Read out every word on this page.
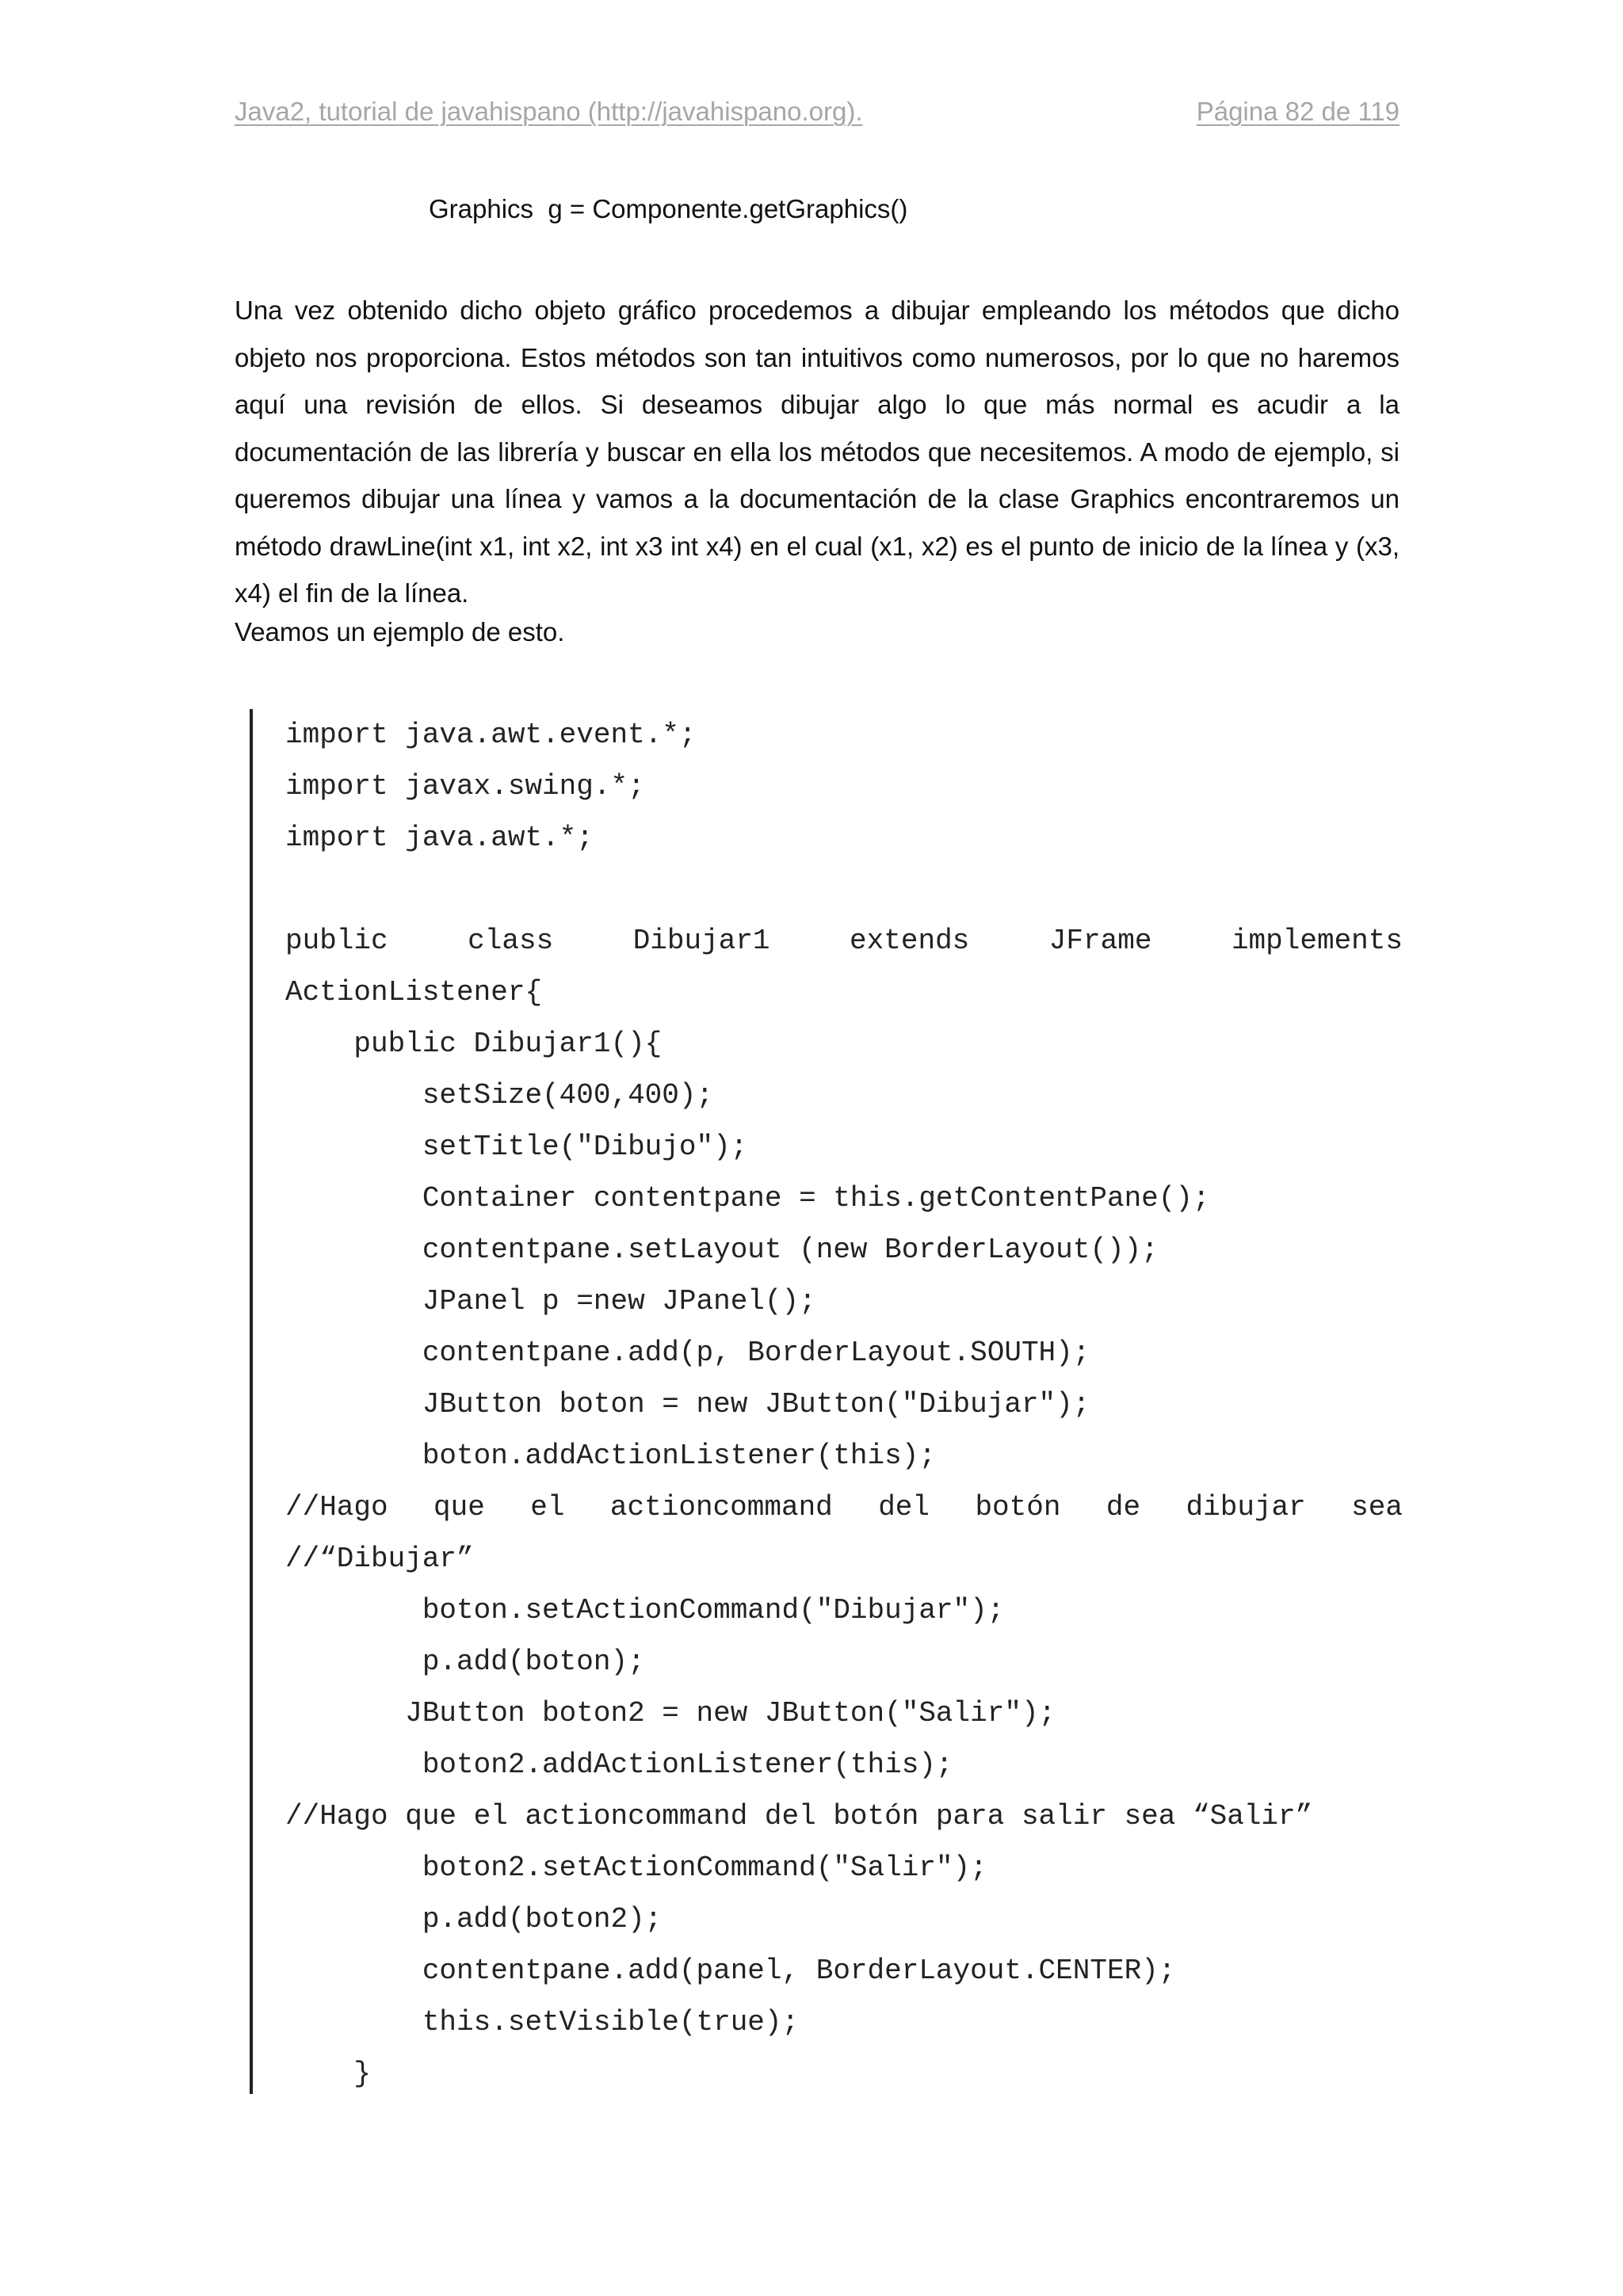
Java2, tutorial de javahispano (http://javahispano.org).	Página 82 de 119
Graphics  g = Componente.getGraphics()
Una vez obtenido dicho objeto gráfico procedemos a dibujar empleando los métodos que dicho objeto nos proporciona. Estos métodos son tan intuitivos como numerosos, por lo que no haremos aquí una revisión de ellos. Si deseamos dibujar algo lo que más normal es acudir a la documentación de las librería y buscar en ella los métodos que necesitemos. A modo de ejemplo, si queremos dibujar una línea y vamos a la documentación de la clase Graphics encontraremos un método drawLine(int x1, int x2, int x3 int x4) en el cual (x1, x2) es el punto de inicio de la línea y (x3, x4) el fin de la línea.
Veamos un ejemplo de esto.
import java.awt.event.*;
import javax.swing.*;
import java.awt.*;
public class Dibujar1 extends JFrame implements
ActionListener{
public Dibujar1(){
setSize(400,400);
setTitle("Dibujo");
Container contentpane = this.getContentPane();
contentpane.setLayout (new BorderLayout());
JPanel p =new JPanel();
contentpane.add(p, BorderLayout.SOUTH);
JButton boton = new JButton("Dibujar");
boton.addActionListener(this);
//Hago que el actioncommand del botón de dibujar sea
//“Dibujar”
boton.setActionCommand("Dibujar");
p.add(boton);
JButton boton2 = new JButton("Salir");
boton2.addActionListener(this);
//Hago que el actioncommand del botón para salir sea “Salir”
boton2.setActionCommand("Salir");
p.add(boton2);
contentpane.add(panel, BorderLayout.CENTER);
this.setVisible(true);
}
